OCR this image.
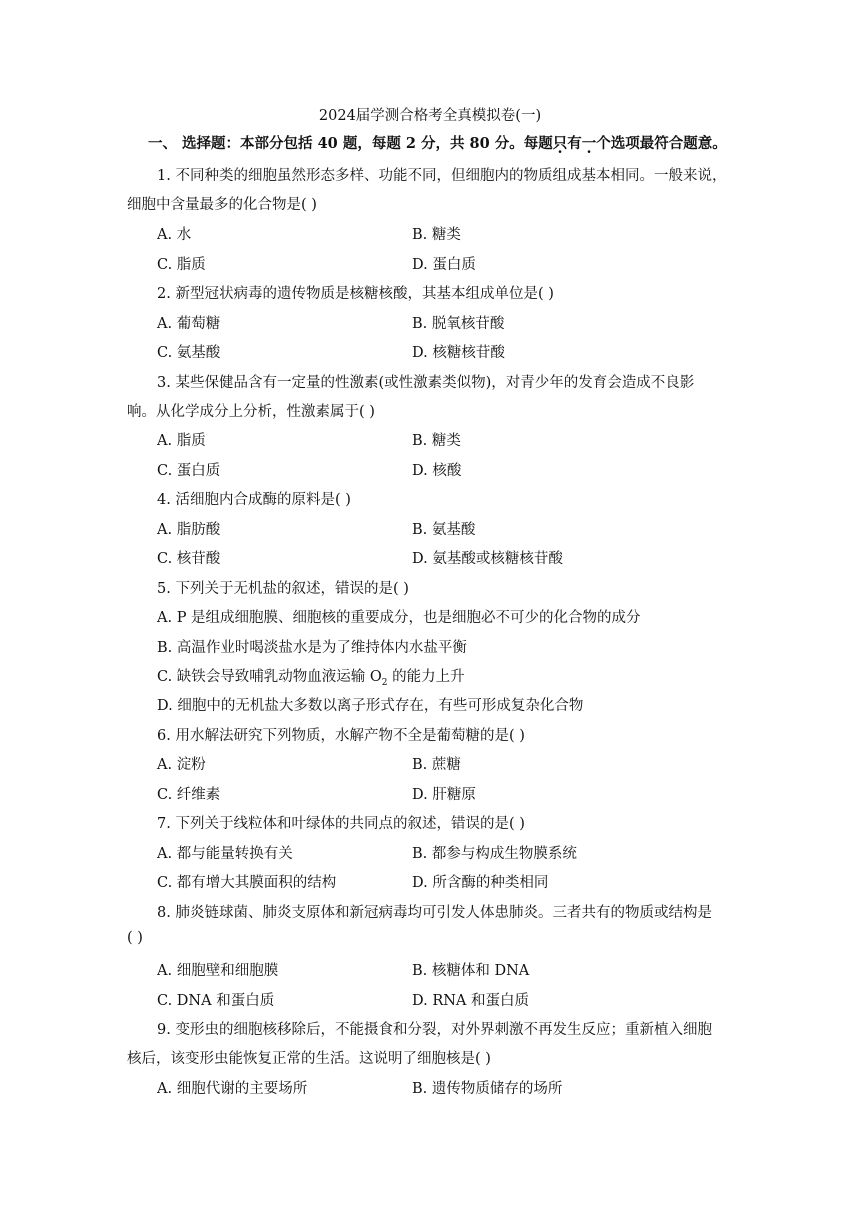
2024届学测合格考全真模拟卷(一)
一、 选择题：本部分包括 40 题，每题 2 分，共 80 分。每题只有一个选项最符合题意。
1. 不同种类的细胞虽然形态多样、功能不同，但细胞内的物质组成基本相同。一般来说，
细胞中含量最多的化合物是( )
A. 水	B. 糖类
C. 脂质	D. 蛋白质
2. 新型冠状病毒的遗传物质是核糖核酸，其基本组成单位是( )
A. 葡萄糖	B. 脱氧核苷酸
C. 氨基酸	D. 核糖核苷酸
3. 某些保健品含有一定量的性激素(或性激素类似物)，对青少年的发育会造成不良影
响。从化学成分上分析，性激素属于( )
A. 脂质	B. 糖类
C. 蛋白质	D. 核酸
4. 活细胞内合成酶的原料是( )
A. 脂肪酸	B. 氨基酸
C. 核苷酸	D. 氨基酸或核糖核苷酸
5. 下列关于无机盐的叙述，错误的是( )
A. P 是组成细胞膜、细胞核的重要成分，也是细胞必不可少的化合物的成分
B. 高温作业时喝淡盐水是为了维持体内水盐平衡
C. 缺铁会导致哺乳动物血液运输 $O_2$ 的能力上升
D. 细胞中的无机盐大多数以离子形式存在，有些可形成复杂化合物
6. 用水解法研究下列物质，水解产物不全是葡萄糖的是( )
A. 淀粉	B. 蔗糖
C. 纤维素	D. 肝糖原
7. 下列关于线粒体和叶绿体的共同点的叙述，错误的是( )
A. 都与能量转换有关	B. 都参与构成生物膜系统
C. 都有增大其膜面积的结构	D. 所含酶的种类相同
8. 肺炎链球菌、肺炎支原体和新冠病毒均可引发人体患肺炎。三者共有的物质或结构是
( )
A. 细胞壁和细胞膜	B. 核糖体和 DNA
C. DNA 和蛋白质	D. RNA 和蛋白质
9. 变形虫的细胞核移除后，不能摄食和分裂，对外界刺激不再发生反应；重新植入细胞
核后，该变形虫能恢复正常的生活。这说明了细胞核是( )
A. 细胞代谢的主要场所	B. 遗传物质储存的场所
